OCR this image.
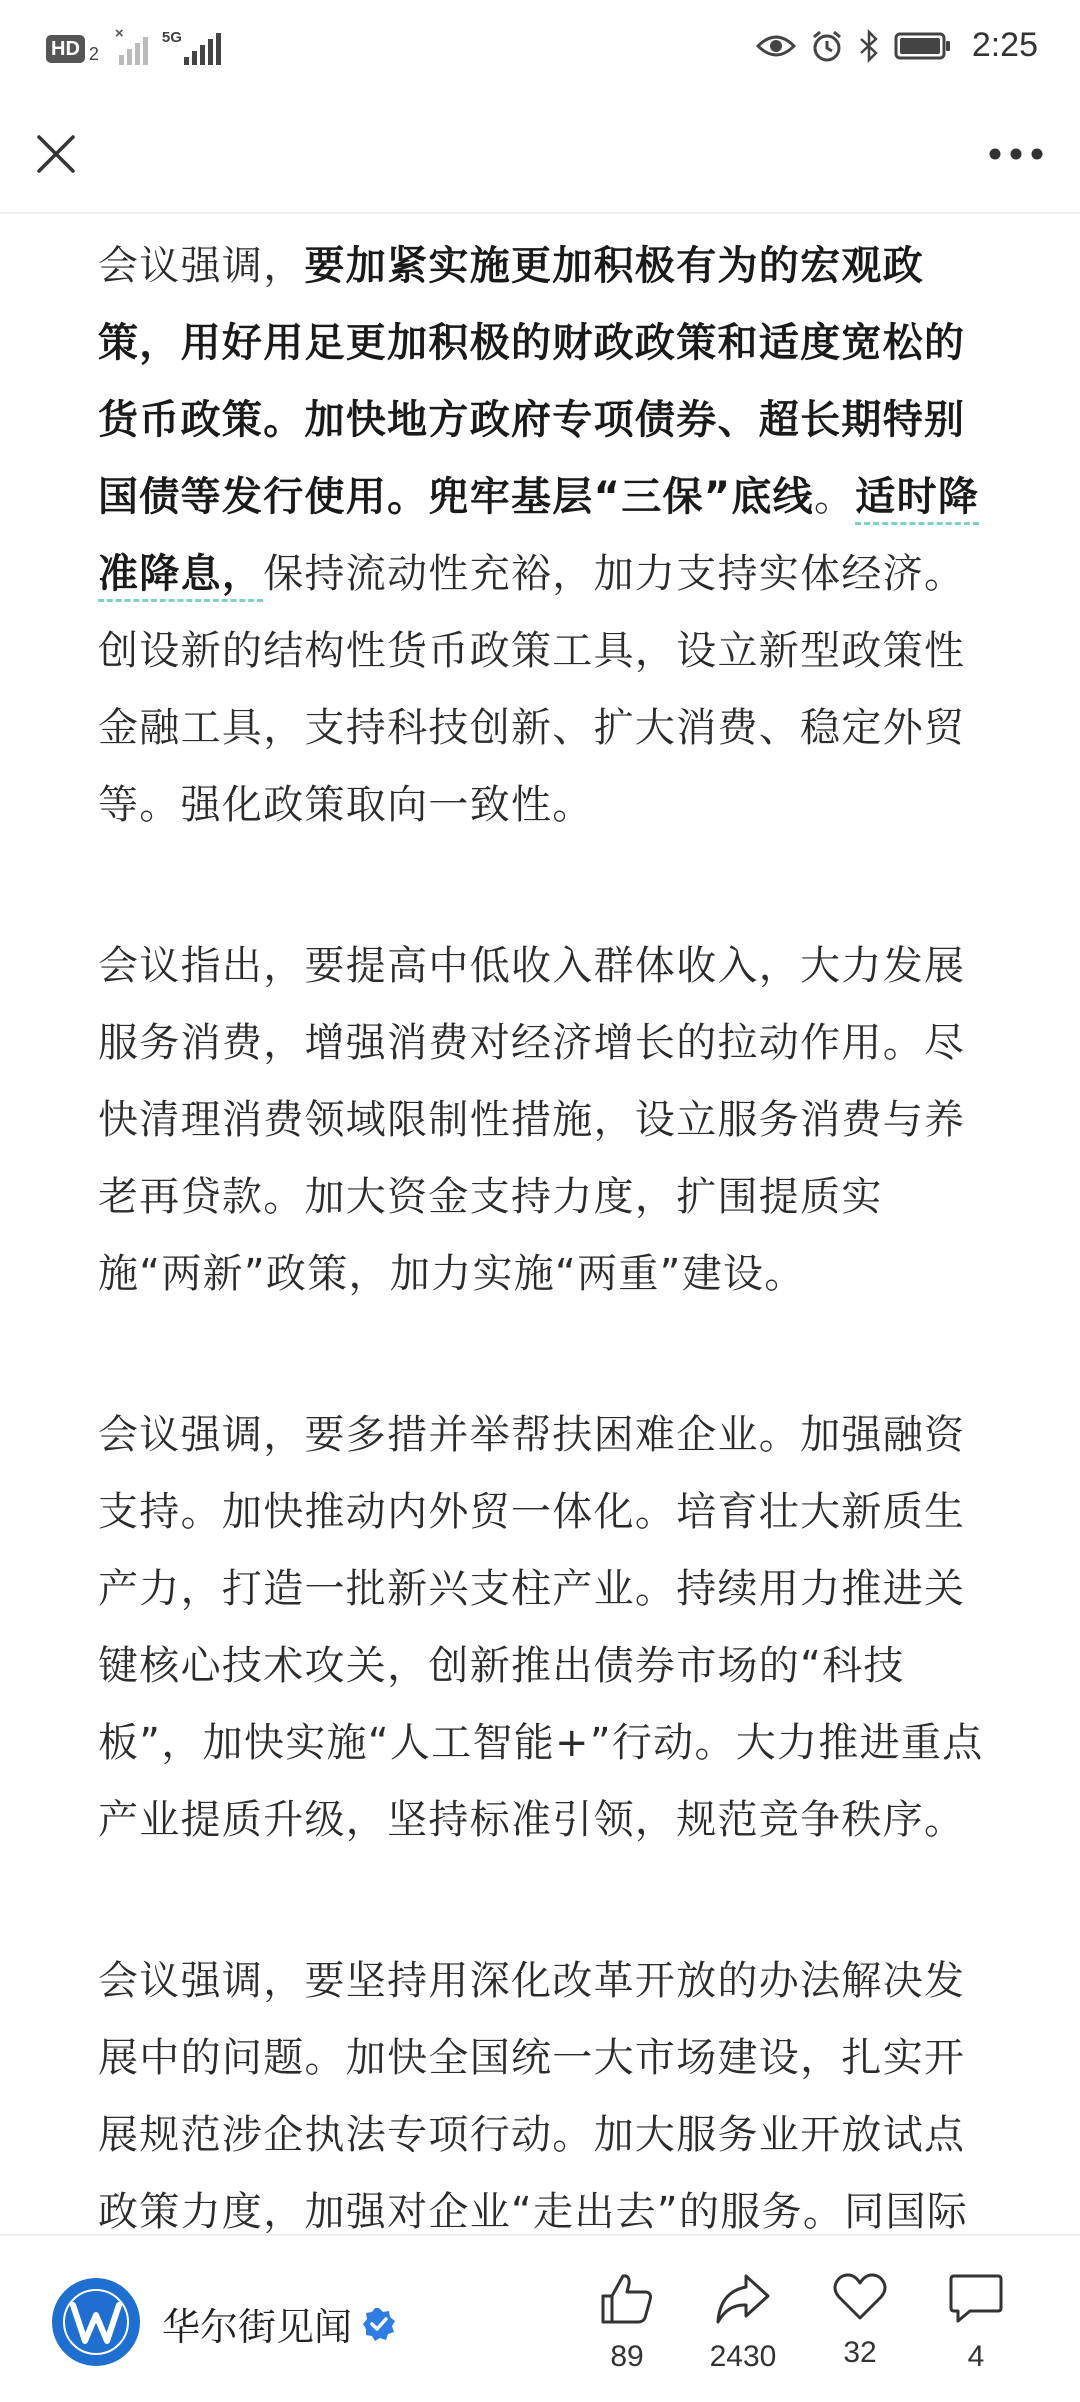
HD 2
×	5G	2:25

会议强调，要加紧实施更加积极有为的宏观政策，用好用足更加积极的财政政策和适度宽松的货币政策。加快地方政府专项债券、超长期特别国债等发行使用。兜牢基层“三保”底线。适时降准降息，保持流动性充裕，加力支持实体经济。创设新的结构性货币政策工具，设立新型政策性金融工具，支持科技创新、扩大消费、稳定外贸等。强化政策取向一致性。

会议指出，要提高中低收入群体收入，大力发展服务消费，增强消费对经济增长的拉动作用。尽快清理消费领域限制性措施，设立服务消费与养老再贷款。加大资金支持力度，扩围提质实施“两新”政策，加力实施“两重”建设。

会议强调，要多措并举帮扶困难企业。加强融资支持。加快推动内外贸一体化。培育壮大新质生产力，打造一批新兴支柱产业。持续用力推进关键核心技术攻关，创新推出债券市场的“科技板”，加快实施“人工智能+”行动。大力推进重点产业提质升级，坚持标准引领，规范竞争秩序。

会议强调，要坚持用深化改革开放的办法解决发展中的问题。加快全国统一大市场建设，扎实开展规范涉企执法专项行动。加大服务业开放试点政策力度，加强对企业“走出去”的服务。同国际

华尔街见闻
89 2430 32	4
